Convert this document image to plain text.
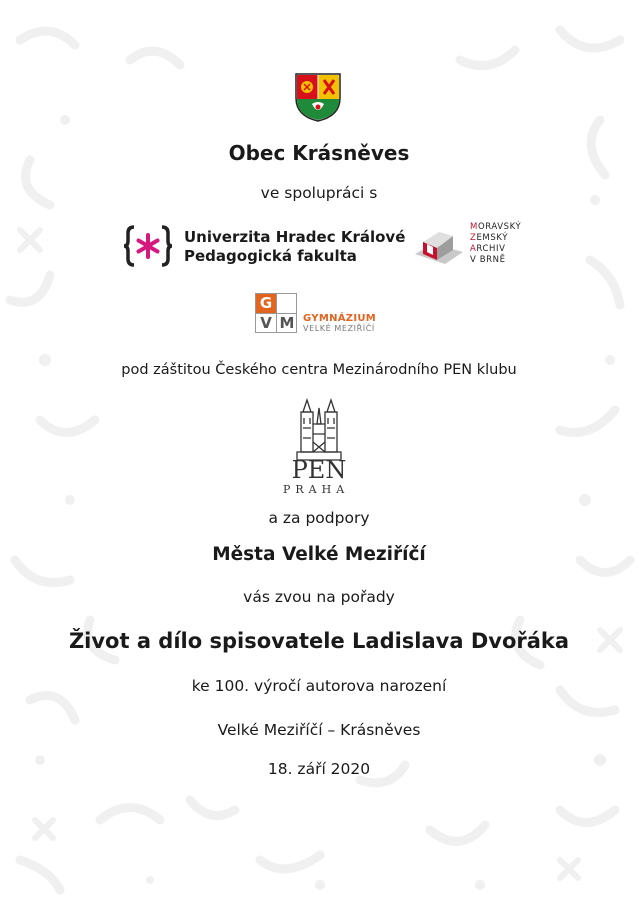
Obec Krásněves
ve spolupráci s
Univerzita Hradec Králové
Pedagogická fakulta
MORAVSKÝ
ZEMSKÝ
ARCHIV
V BRNĚ
G
V M GYMNÁZIUM
VELKÉ MEZIŘÍČÍ
pod záštitou Českého centra Mezinárodního PEN klubu
PEN
PRAHA
a za podpory
Města Velké Meziříčí
vás zvou na pořady
Život a dílo spisovatele Ladislava Dvořáka
ke 100. výročí autorova narození
Velké Meziříčí – Krásněves
18. září 2020
